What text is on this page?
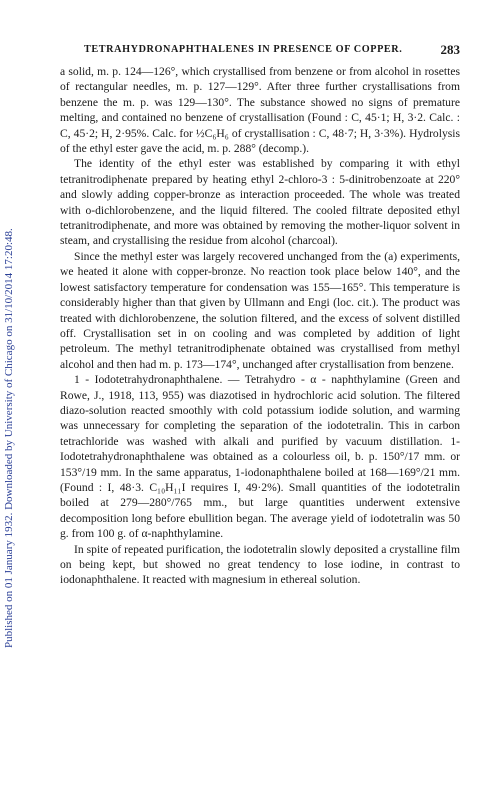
Published on 01 January 1932. Downloaded by University of Chicago on 31/10/2014 17:20:48.
TETRAHYDRONAPHTHALENES IN PRESENCE OF COPPER.	283

a solid, m. p. 124—126°, which crystallised from benzene or from alcohol in rosettes of rectangular needles, m. p. 127—129°. After three further crystallisations from benzene the m. p. was 129—130°. The substance showed no signs of premature melting, and contained no benzene of crystallisation (Found : C, 45·1; H, 3·2. Calc. : C, 45·2; H, 2·95%. Calc. for ½C₆H₆ of crystallisation : C, 48·7; H, 3·3%). Hydrolysis of the ethyl ester gave the acid, m. p. 288° (decomp.).

The identity of the ethyl ester was established by comparing it with ethyl tetranitrodiphenate prepared by heating ethyl 2-chloro-3 : 5-dinitrobenzoate at 220° and slowly adding copper-bronze as interaction proceeded. The whole was treated with o-dichlorobenzene, and the liquid filtered. The cooled filtrate deposited ethyl tetranitrodiphenate, and more was obtained by removing the mother-liquor solvent in steam, and crystallising the residue from alcohol (charcoal).

Since the methyl ester was largely recovered unchanged from the (a) experiments, we heated it alone with copper-bronze. No reaction took place below 140°, and the lowest satisfactory temperature for condensation was 155—165°. This temperature is considerably higher than that given by Ullmann and Engi (loc. cit.). The product was treated with dichlorobenzene, the solution filtered, and the excess of solvent distilled off. Crystallisation set in on cooling and was completed by addition of light petroleum. The methyl tetranitrodiphenate obtained was crystallised from methyl alcohol and then had m. p. 173—174°, unchanged after crystallisation from benzene.

1 - Iodotetrahydronaphthalene. — Tetrahydro - α - naphthylamine (Green and Rowe, J., 1918, 113, 955) was diazotised in hydrochloric acid solution. The filtered diazo-solution reacted smoothly with cold potassium iodide solution, and warming was unnecessary for completing the separation of the iodotetralin. This in carbon tetrachloride was washed with alkali and purified by vacuum distillation. 1-Iodotetrahydronaphthalene was obtained as a colourless oil, b. p. 150°/17 mm. or 153°/19 mm. In the same apparatus, 1-iodonaphthalene boiled at 168—169°/21 mm. (Found : I, 48·3. C₁₀H₁₁I requires I, 49·2%). Small quantities of the iodotetralin boiled at 279—280°/765 mm., but large quantities underwent extensive decomposition long before ebullition began. The average yield of iodotetralin was 50 g. from 100 g. of α-naphthylamine.

In spite of repeated purification, the iodotetralin slowly deposited a crystalline film on being kept, but showed no great tendency to lose iodine, in contrast to iodonaphthalene. It reacted with magnesium in ethereal solution.
